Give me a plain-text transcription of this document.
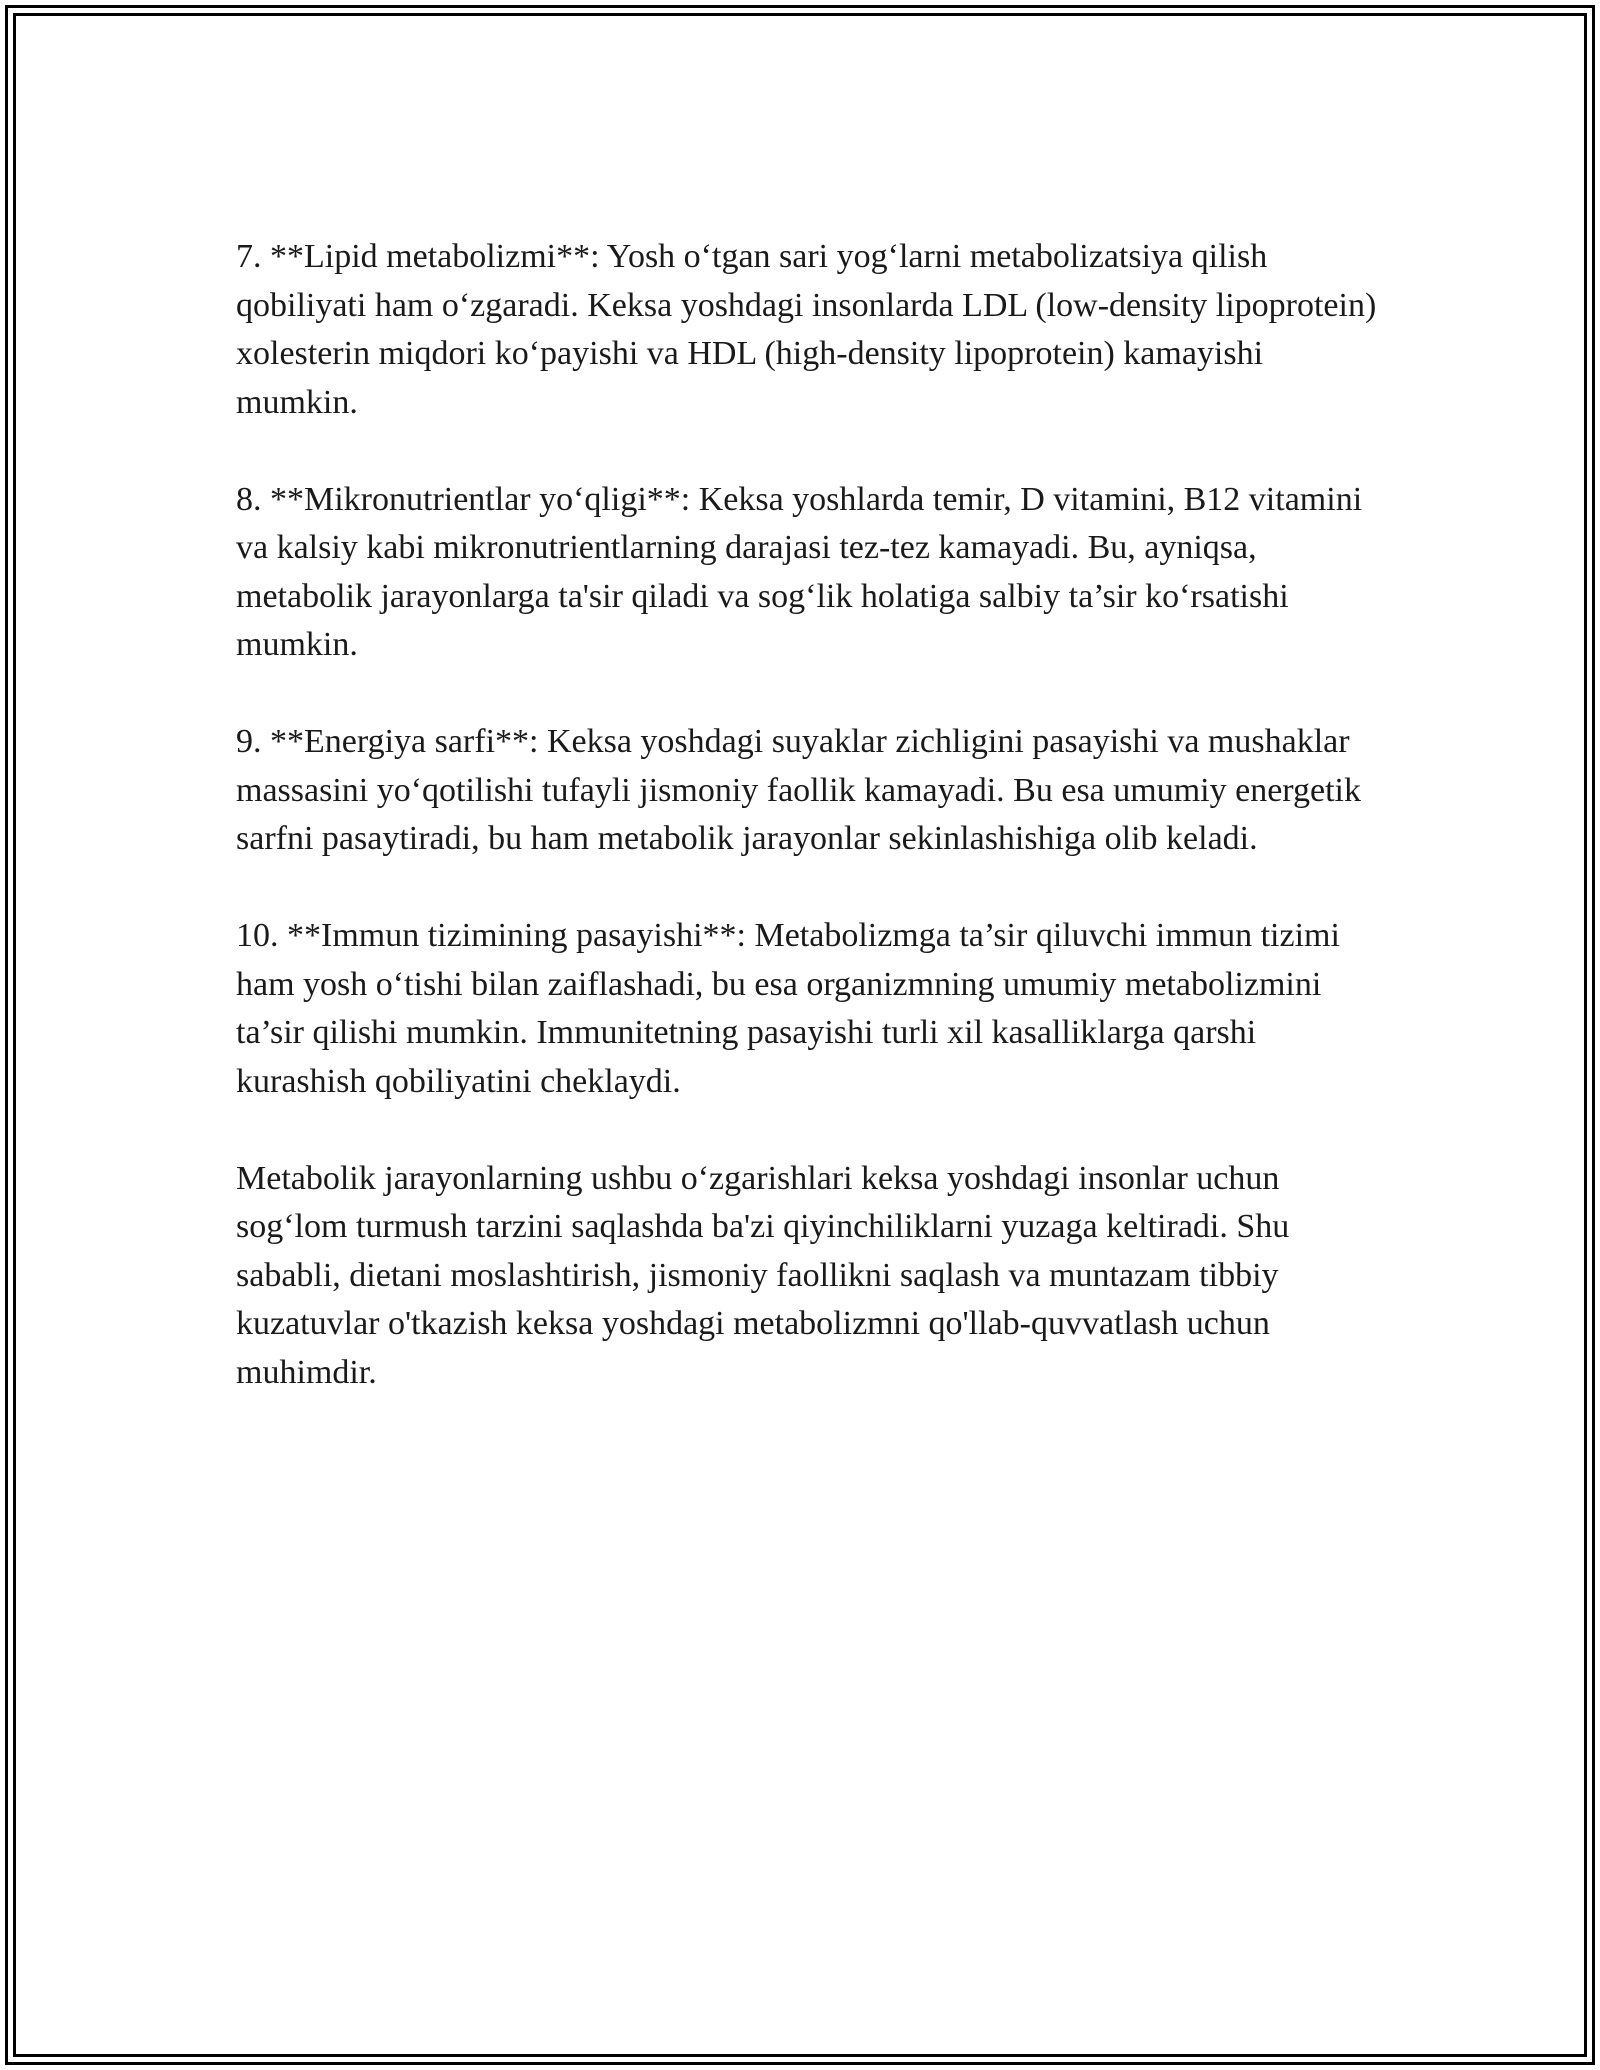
7. **Lipid metabolizmi**: Yosh o‘tgan sari yog‘larni metabolizatsiya qilish qobiliyati ham o‘zgaradi. Keksa yoshdagi insonlarda LDL (low-density lipoprotein) xolesterin miqdori ko‘payishi va HDL (high-density lipoprotein) kamayishi mumkin.

8. **Mikronutrientlar yo‘qligi**: Keksa yoshlarda temir, D vitamini, B12 vitamini va kalsiy kabi mikronutrientlarning darajasi tez-tez kamayadi. Bu, ayniqsa, metabolik jarayonlarga ta'sir qiladi va sog‘lik holatiga salbiy ta’sir ko‘rsatishi mumkin.

9. **Energiya sarfi**: Keksa yoshdagi suyaklar zichligini pasayishi va mushaklar massasini yo‘qotilishi tufayli jismoniy faollik kamayadi. Bu esa umumiy energetik sarfni pasaytiradi, bu ham metabolik jarayonlar sekinlashishiga olib keladi.

10. **Immun tizimining pasayishi**: Metabolizmga ta’sir qiluvchi immun tizimi ham yosh o‘tishi bilan zaiflashadi, bu esa organizmning umumiy metabolizmini ta’sir qilishi mumkin. Immunitetning pasayishi turli xil kasalliklarga qarshi kurashish qobiliyatini cheklaydi.

Metabolik jarayonlarning ushbu o‘zgarishlari keksa yoshdagi insonlar uchun sog‘lom turmush tarzini saqlashda ba'zi qiyinchiliklarni yuzaga keltiradi. Shu sababli, dietani moslashtirish, jismoniy faollikni saqlash va muntazam tibbiy kuzatuvlar o'tkazish keksa yoshdagi metabolizmni qo'llab-quvvatlash uchun muhimdir.
